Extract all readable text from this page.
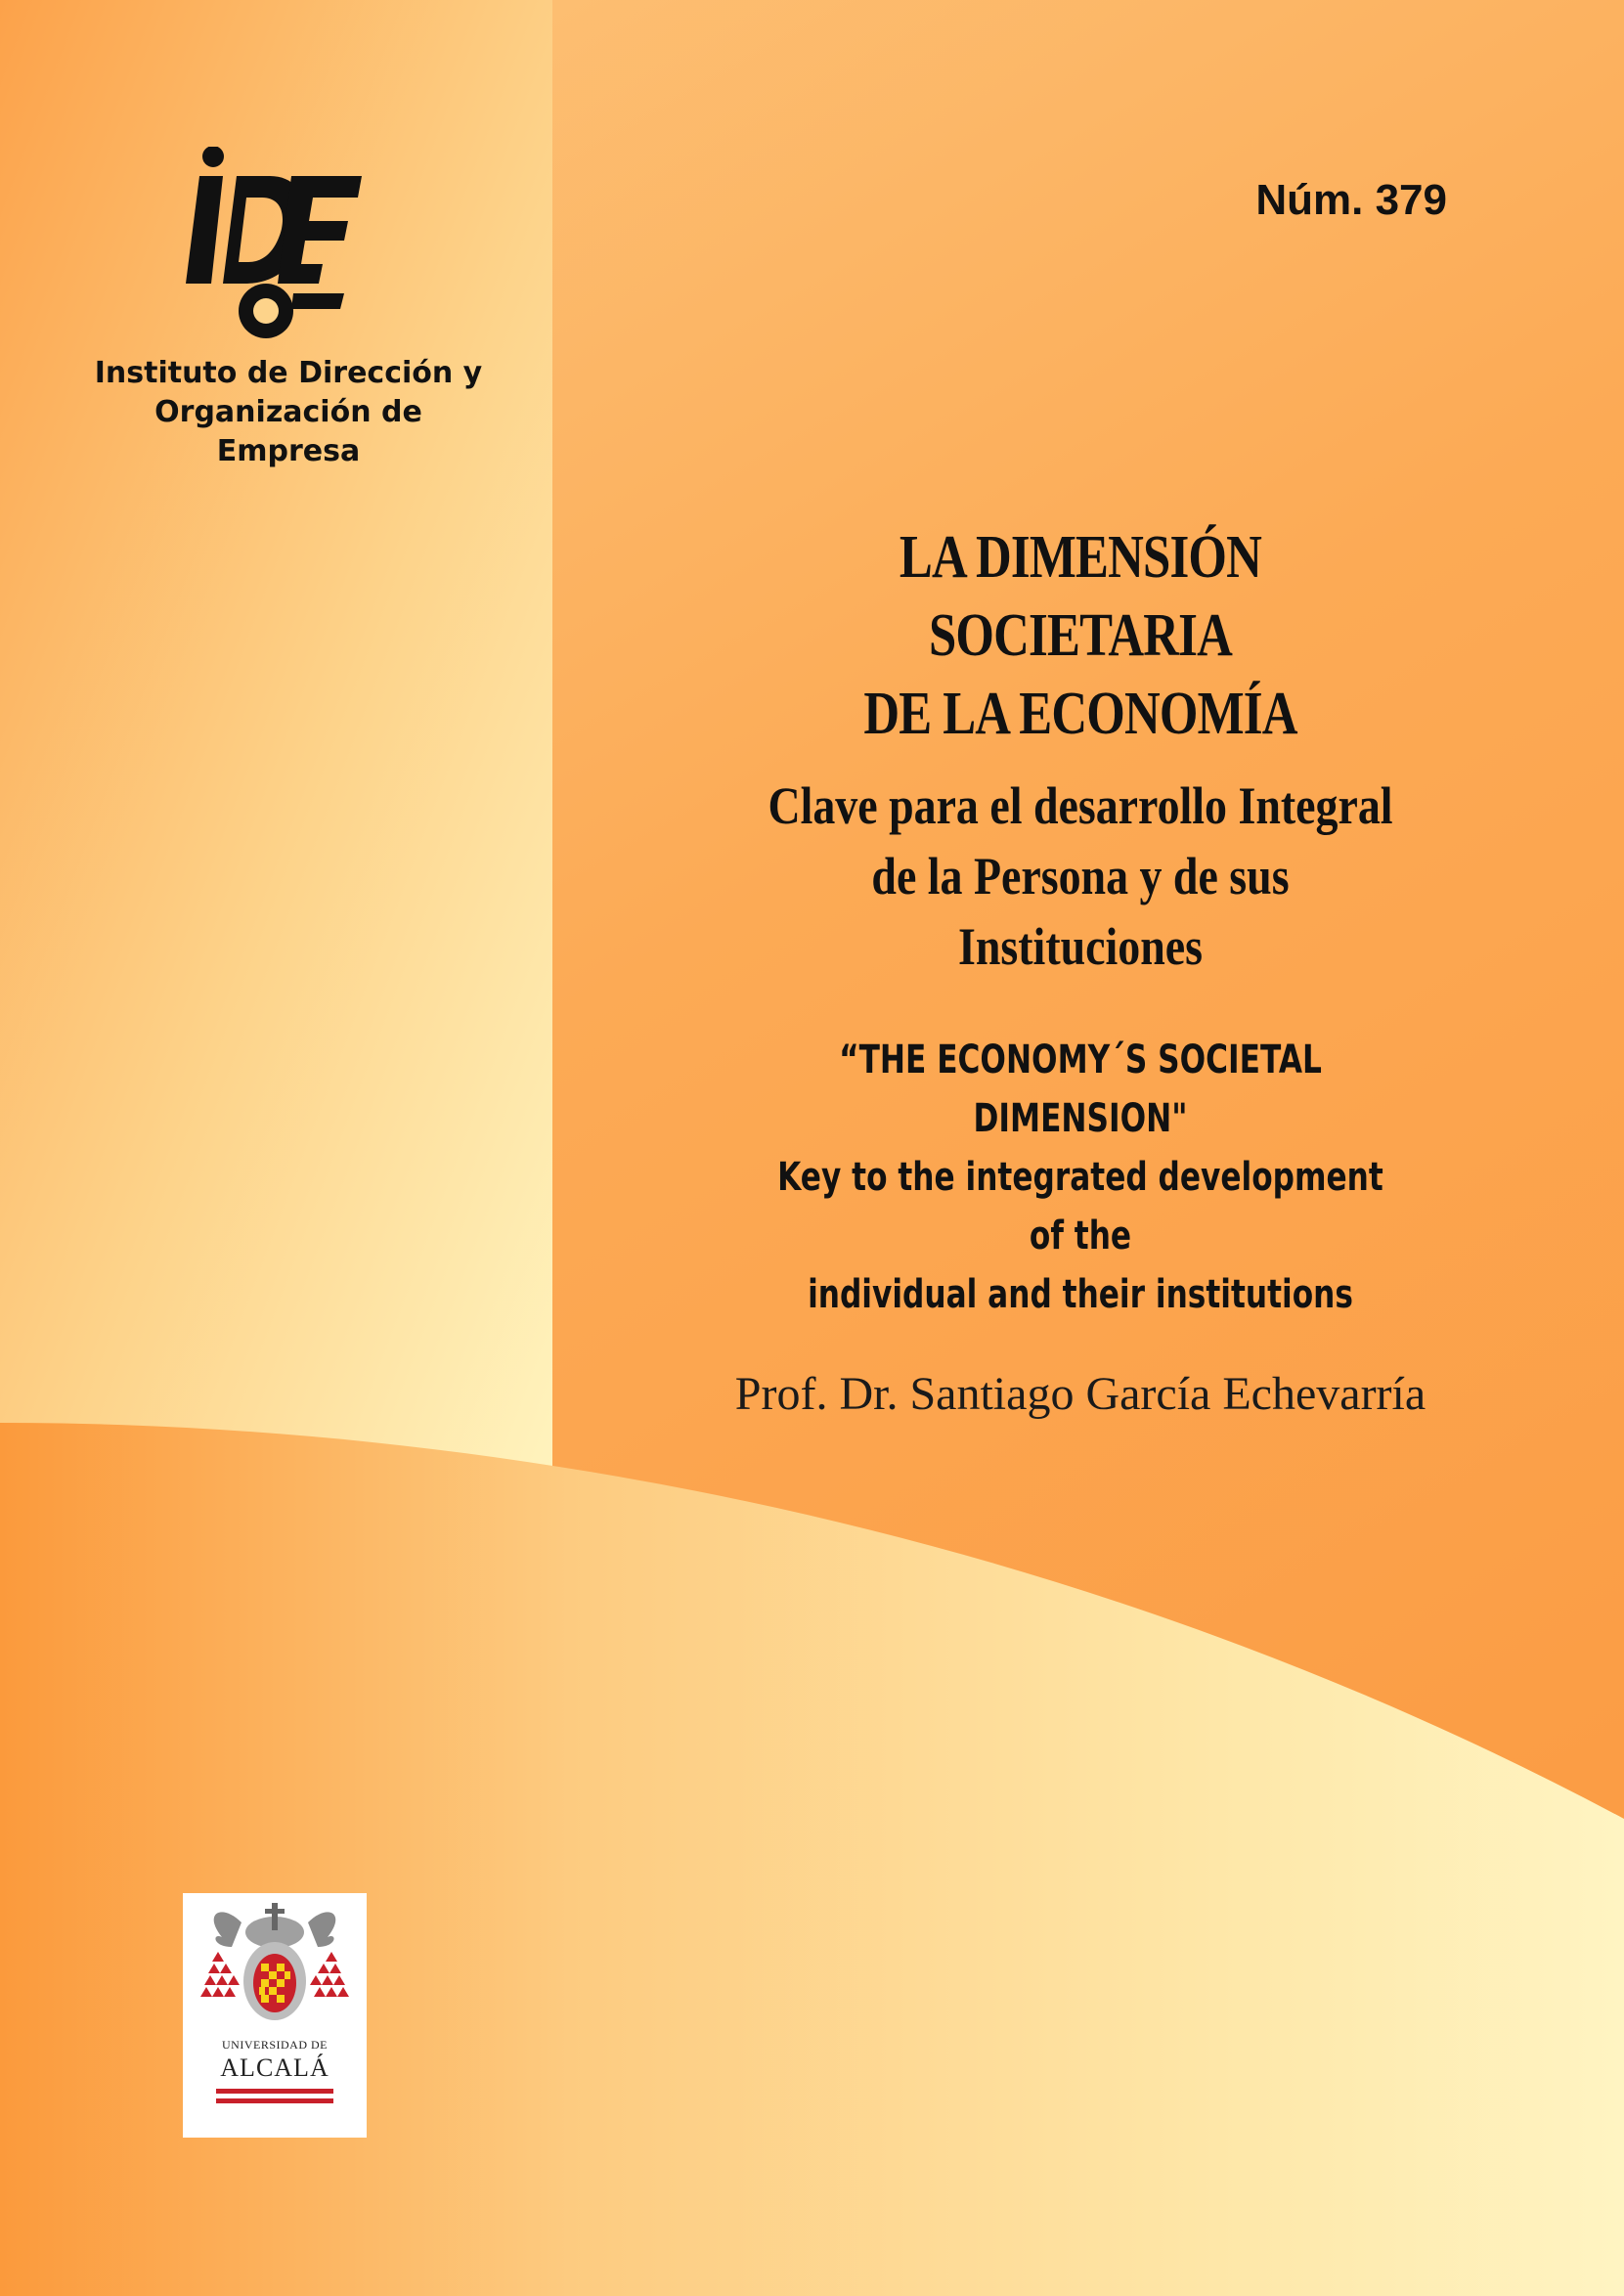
Instituto de Dirección y
Organización de Empresa
Núm. 379
LA DIMENSIÓN SOCIETARIA
DE LA ECONOMÍA
Clave para el desarrollo Integral
de la Persona y de sus Instituciones
“THE ECONOMY´S SOCIETAL DIMENSION"
Key to the integrated development of the
individual and their institutions
Prof. Dr. Santiago García Echevarría
UNIVERSIDAD DE
ALCALÁ
